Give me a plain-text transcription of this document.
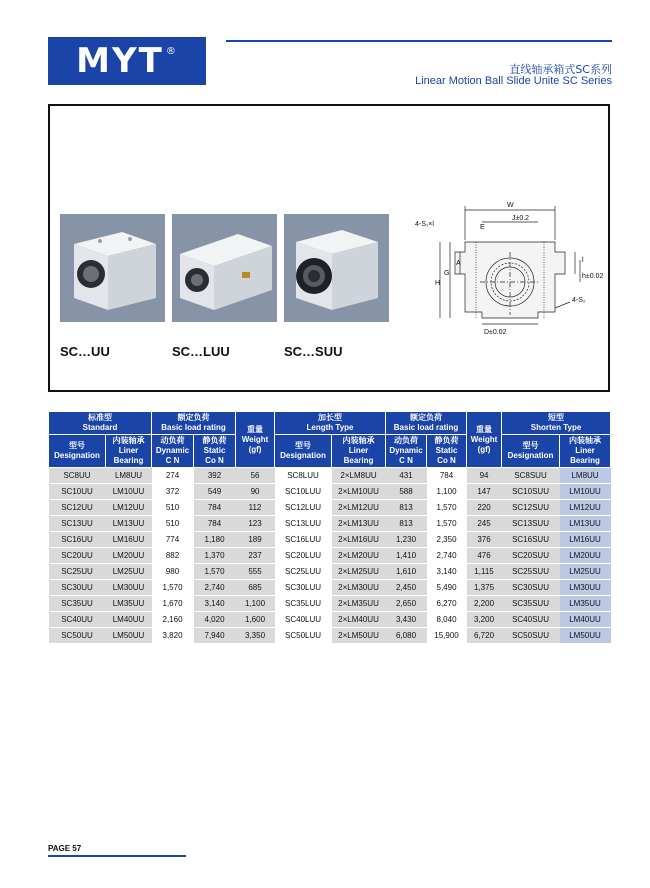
MYT®
直线轴承箱式SC系列
Linear Motion Ball Slide Unite SC Series
SC…UU	SC…LUU	SC…SUU
W
E
4-S₁×l
J±0.2
H
G
A	l
h±0.02
4-S₂
D±0.02
标准型
Standard		额定负荷
Basic load rating		重量
Weight
(gf)	加长型
Length Type		额定负荷
Basic load rating		重量
Weight
(gf)	短型
Shorten Type	
型号
Designation	内装轴承
Liner
Bearing	动负荷
Dynamic
C N	静负荷
Static
Co N		型号
Designation	内装轴承
Liner
Bearing	动负荷
Dynamic
C N	静负荷
Static
Co N		型号
Designation	内装轴承
Liner
Bearing
SC8UU	LM8UU	274	392	56	SC8LUU	2×LM8UU	431	784	94	SC8SUU	LM8UU
SC10UU	LM10UU	372	549	90	SC10LUU	2×LM10UU	588	1,100	147	SC10SUU	LM10UU
SC12UU	LM12UU	510	784	112	SC12LUU	2×LM12UU	813	1,570	220	SC12SUU	LM12UU
SC13UU	LM13UU	510	784	123	SC13LUU	2×LM13UU	813	1,570	245	SC13SUU	LM13UU
SC16UU	LM16UU	774	1,180	189	SC16LUU	2×LM16UU	1,230	2,350	376	SC16SUU	LM16UU
SC20UU	LM20UU	882	1,370	237	SC20LUU	2×LM20UU	1,410	2,740	476	SC20SUU	LM20UU
SC25UU	LM25UU	980	1,570	555	SC25LUU	2×LM25UU	1,610	3,140	1,115	SC25SUU	LM25UU
SC30UU	LM30UU	1,570	2,740	685	SC30LUU	2×LM30UU	2,450	5,490	1,375	SC30SUU	LM30UU
SC35UU	LM35UU	1,670	3,140	1,100	SC35LUU	2×LM35UU	2,650	6,270	2,200	SC35SUU	LM35UU
SC40UU	LM40UU	2,160	4,020	1,600	SC40LUU	2×LM40UU	3,430	8,040	3,200	SC40SUU	LM40UU
SC50UU	LM50UU	3,820	7,940	3,350	SC50LUU	2×LM50UU	6,080	15,900	6,720	SC50SUU	LM50UU
PAGE 57
